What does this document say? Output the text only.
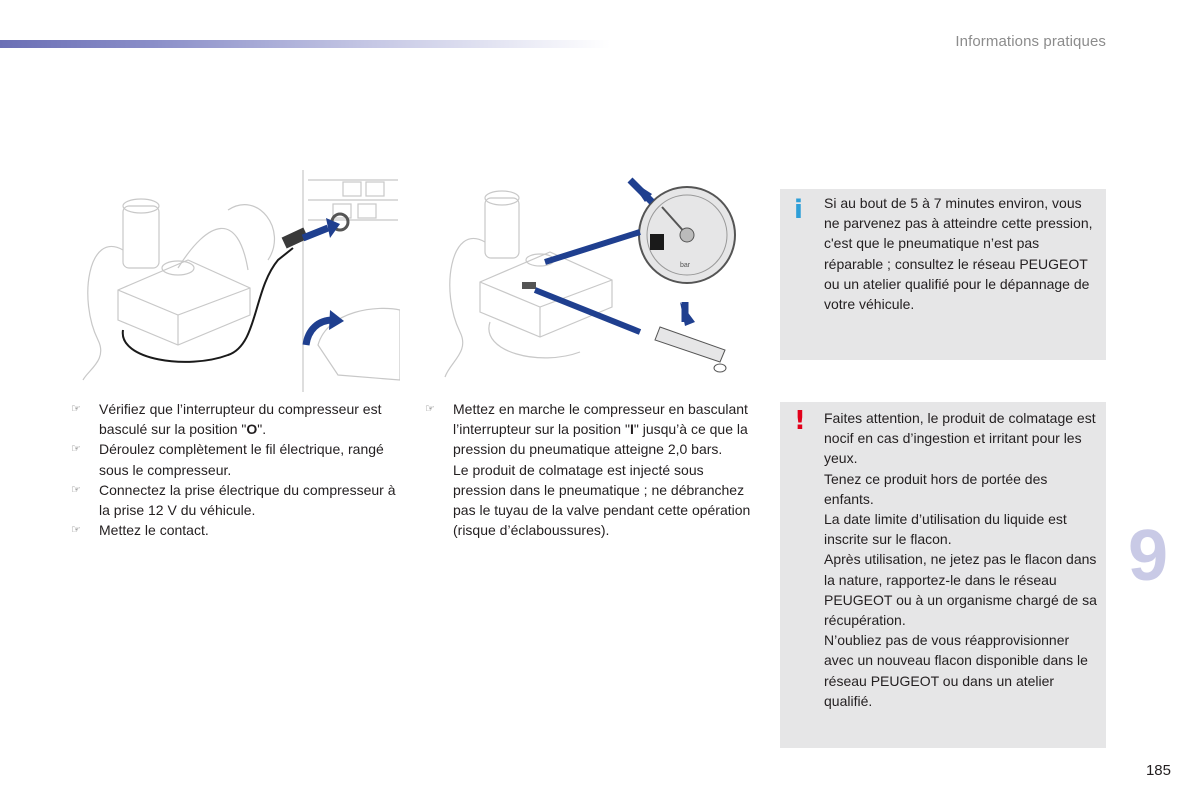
Informations pratiques
bar
☞ Vérifiez que l’interrupteur du compresseur est basculé sur la position "O".
☞ Déroulez complètement le fil électrique, rangé sous le compresseur.
☞ Connectez la prise électrique du compresseur à la prise 12 V du véhicule.
☞ Mettez le contact.
☞ Mettez en marche le compresseur en basculant l’interrupteur sur la position "I" jusqu’à ce que la pression du pneumatique atteigne 2,0 bars.
Le produit de colmatage est injecté sous pression dans le pneumatique ; ne débranchez pas le tuyau de la valve pendant cette opération (risque d’éclaboussures).
i Si au bout de 5 à 7 minutes environ, vous ne parvenez pas à atteindre cette pression, c'est que le pneumatique n’est pas réparable ; consultez le réseau PEUGEOT ou un atelier qualifié pour le dépannage de votre véhicule.
! Faites attention, le produit de colmatage est nocif en cas d’ingestion et irritant pour les yeux.
Tenez ce produit hors de portée des enfants.
La date limite d’utilisation du liquide est inscrite sur le flacon.
Après utilisation, ne jetez pas le flacon dans la nature, rapportez-le dans le réseau PEUGEOT ou à un organisme chargé de sa récupération.
N’oubliez pas de vous réapprovisionner avec un nouveau flacon disponible dans le réseau PEUGEOT ou dans un atelier qualifié.
9
185
